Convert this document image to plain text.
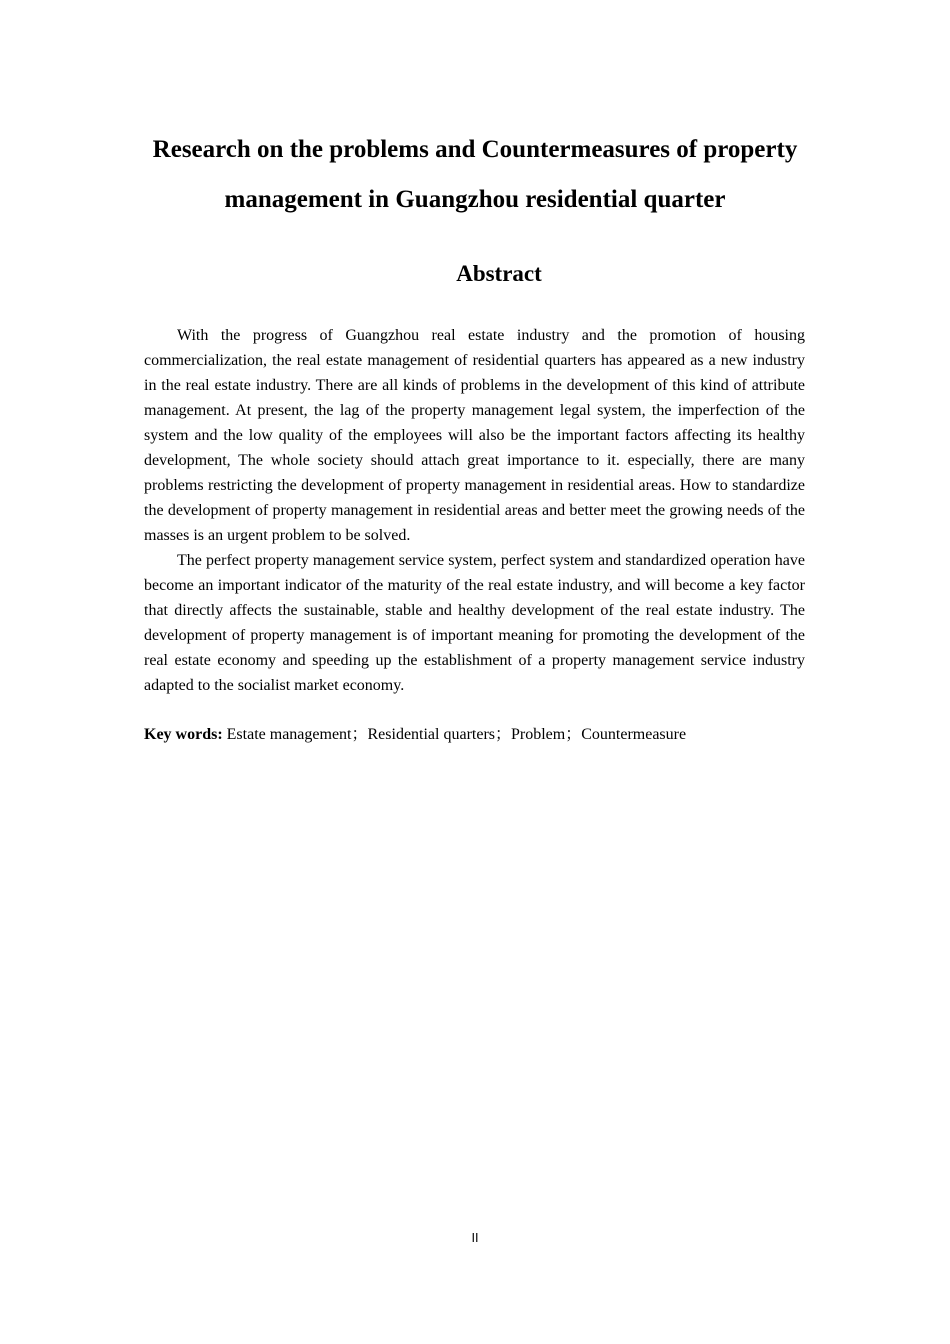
Research on the problems and Countermeasures of property
management in Guangzhou residential quarter
Abstract

With the progress of Guangzhou real estate industry and the promotion of housing commercialization, the real estate management of residential quarters has appeared as a new industry in the real estate industry. There are all kinds of problems in the development of this kind of attribute management. At present, the lag of the property management legal system, the imperfection of the system and the low quality of the employees will also be the important factors affecting its healthy development, The whole society should attach great importance to it. especially, there are many problems restricting the development of property management in residential areas. How to standardize the development of property management in residential areas and better meet the growing needs of the masses is an urgent problem to be solved.

The perfect property management service system, perfect system and standardized operation have become an important indicator of the maturity of the real estate industry, and will become a key factor that directly affects the sustainable, stable and healthy development of the real estate industry. The development of property management is of important meaning for promoting the development of the real estate economy and speeding up the establishment of a property management service industry adapted to the socialist market economy.

Key words: Estate management；Residential quarters；Problem；Countermeasure

II
